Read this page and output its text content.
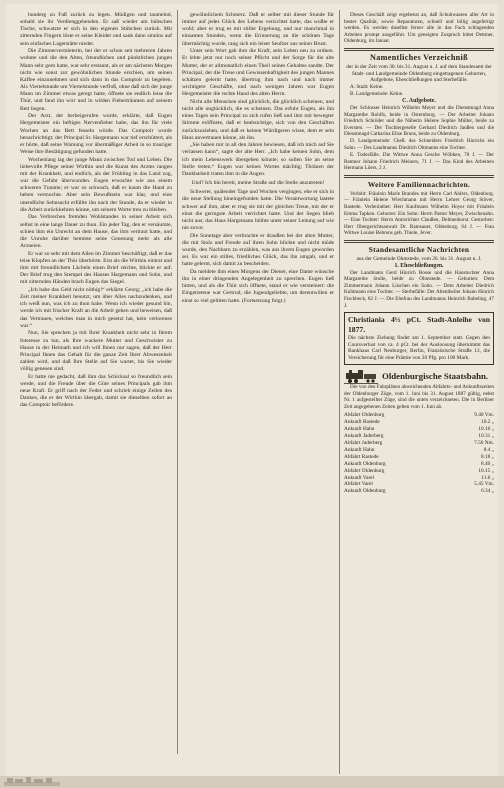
hunderg zu Fuß zurück zu legen. Müdigen und taumelnd, sobald sie ihr Verdlenggebenden. Er saß wieder am hübschen Tische, schwatzte er sich in den eigenen Stübchen zurück. Mit zitternden Fingern löste er seine Kleider und sank dann sinnlos auf sein einfaches Lagerstätte nieder.

Die Zimmervermieterin, bei der er schon seit mehreren Jahren wohnte und die den Alten, freundlichen und pünktlichen jungen Mann sehr gern hatte, war sehr erstaunt, als er am nächsten Morgen nicht wie sonst zur gewöhnlichen Stunde erschien, um seinen Kaffee einzunehmen und sich dann in das Comptoir zu begeben. Als Viertelstunde um Viertelstunde verfloß, ohne daß sich der junge Mann im Zimmer etwas geregt hatte, öffnete sie endlich leise die Thür, und fand ihn wirr und in wilden Fieberträumen auf seinem Bett liegen.

Der Arzt, der herbeigerufen wurde, erklärte, daß Eugen Hergemeister ein heftiges Nervenfieber habe, das ihn für viele Wochen an das Bett fesseln würde. Das Comptoir wurde benachrichtigt; der Principal Sr. Hargemann war tief erschüttert, als er hörte, daß seine Warnung vor übermäßiger Arbeit in so trauriger Weise ihre Bestätigung gefunden hatte.

Wochenlang lag der junge Mann zwischen Tod und Leben. Die liebevolle Pflege seiner Wirthin und die Kunst des Arztes rangen mit der Krankheit, und endlich, als der Frühling in das Land zog, war die Gefahr überwunden. Eugen erwachte wie aus einem schweren Traume; er war so schwach, daß er kaum die Hand zu heben vermochte. Aber sein Bewußtsein war klar, und eine unendliche Sehnsucht erfüllte ihn nach der Stunde, da er wieder in die Arbeit zurückkehren könne, um seinem Worte treu zu bleiben.

Das Verbrechen fremden Wohlstandes in seiner Arbeit sich selbst in eine lange Dauer zu thun. Ein jeder Tag, den er versäumte, schien ihm ein Unrecht an dem Hause, das ihm vertraut hatte, und die Unruhe darüber hemmte seine Genesung mehr als alle Arzneien.

Er war so sehr mit dem Allen im Zimmer beschäftigt, daß er das leise Klopfen an der Thür überhörte. Erst als die Wirthin eintrat und ihm mit freundlichem Lächeln einen Brief reichte, blickte er auf. Der Brief trug den Stempel des Hauses Hargemann und Sohn, und mit zitternden Händen brach Eugen das Siegel.

„Ich habe das Geld nicht nöthig!“ erklärte Georg; „ich habe die Zeit meiner Krankheit benutzt, um über Alles nachzudenken, und ich weiß nun, was ich zu thun habe. Wenn ich wieder gesund bin, werde ich mit frischer Kraft an die Arbeit gehen und beweisen, daß das Vertrauen, welches man in mich gesetzt hat, kein verlorenes war.“

Nun, Sie sprechen ja mit Ihrer Krankheit nicht sehr in Ihrem Interesse zu tun, als Ihre wackere Mutter und Geschwister zu Hause in der Heimath und ich will Ihnen nur sagen, daß der Herr Principal Ihnen das Gehalt für die ganze Zeit Ihrer Abwesenheit zahlen wird, und daß Ihre Stelle auf Sie wartet, bis Sie wieder völlig genesen sind.

Er hatte nie gedacht, daß ihm das Schicksal so freundlich sein werde, und die Freude über die Güte seines Principals gab ihm neue Kraft. Er griff nach der Feder und schrieb einige Zeilen des Dankes, die er der Wirthin übergab, damit sie dieselben sofort an das Comptoir befördere.

gewöhnlichem Schmerz. Daß er selber mit dieser Stunde für immer auf jedes Glück des Lebens verzichtet hatte, das wußte er wohl; aber er trug es mit stiller Ergebung, und nur manchmal in einsamen Stunden, wenn die Erinnerung an die schönen Tage übermächtig wurde, rang sich ein leiser Seufzer aus seiner Brust.

Unter sein Wort gab ihm die Kraft, sein Leben neu zu ordnen. Er lebte jetzt nur noch seiner Pflicht und der Sorge für die alte Mutter, der er allmonatlich einen Theil seines Gehaltes sandte. Der Principal, der die Treue und Gewissenhaftigkeit des jungen Mannes schätzen gelernt hatte, übertrug ihm nach und nach immer wichtigere Geschäfte, und nach wenigen Jahren war Eugen Hergemeister die rechte Hand des alten Herrn.

Nicht alle Menschen sind glücklich, die glücklich scheinen, und nicht alle unglücklich, die es scheinen. Das erfuhr Eugen, als ihn eines Tages sein Principal zu sich rufen ließ und ihm mit bewegter Stimme eröffnete, daß er beabsichtige, sich von den Geschäften zurückzuziehen, und daß er keinen Würdigeren wisse, dem er sein Haus anvertrauen könne, als ihn.

„Sie haben mir in all den Jahren bewiesen, daß ich mich auf Sie verlassen kann“, sagte der alte Herr. „Ich habe keinen Sohn, dem ich mein Lebenswerk übergeben könnte; so sollen Sie an seine Stelle treten.“ Eugen war keines Wortes mächtig; Thränen der Dankbarkeit traten ihm in die Augen.

Und? Ich bin bereit, meine Straße auf die Stelle anzutreten!

Schwerer, quälender Tage und Wochen vergingen, ehe er sich in die neue Stellung hineingefunden hatte. Die Verantwortung lastete schwer auf ihm, aber er trug sie mit der gleichen Treue, mit der er einst die geringste Arbeit verrichtet hatte. Und der Segen blieb nicht aus; das Haus Hargemann blühte unter seiner Leitung auf wie nie zuvor.

Die Sonntage aber verbrachte er draußen bei der alten Mutter, die mit Stolz und Freude auf ihren Sohn blickte und nicht müde wurde, den Nachbarn zu erzählen, was aus ihrem Eugen geworden sei. Es war ein stilles, friedliches Glück, das ihn umgab, und er hatte gelernt, sich damit zu bescheiden.

Da meldete ihm eines Morgens der Diener, eine Dame wünsche ihn in einer dringenden Angelegenheit zu sprechen. Eugen ließ bitten, und als die Thür sich öffnete, stand er wie versteinert: die Eingetretene war Gertrud, die Jugendgeliebte, um derentwillen er einst so viel gelitten hatte. (Fortsetzung folgt.)

Dieses Geschäft zeigt ergebenst an, daß Schuhwaaren aller Art in bester Qualität, sowie Reparaturen, schnell und billig angefertigt werden. Es werden daselbst ferner alle in das Fach schlagenden Arbeiten prompt ausgeführt. Um geneigten Zuspruch bittet Dettmer, Oldenburg, im Januar.

Namentliches Verzeichniß
der in der Zeit vom 30. bis 31. August u. J. auf dem Standesamt der Stadt- und Landgemeinde Oldenburg eingetragenen Geburten, Aufgebote, Eheschließungen und Sterbefälle.

A. Stadt: Keine.

B. Landgemeinde: Keine.

C. Aufgebote.

Der Schlosser Heinrich Wilhelm Meyer und die Dienstmagd Anna Margarethe Rohlfs, beide in Osternburg. — Der Arbeiter Johann Friedrich Schröder und die Näherin Helene Sophie Müller, beide zu Eversten. — Der Tischlergeselle Gerhard Diedrich Janßen und die Dienstmagd Catharina Elise Bruns, beide zu Oldenburg.

D. Landgemeinde: Cheß. des Schneiders Friedrich Hinrichs ein Sohn. — Des Landmanns Diedrich Oltmanns eine Tochter.

E. Todesfälle. Die Wittwe Anna Gesche Wöbken, 78 J. — Der Rentner Johann Friedrich Meiners, 71 J. — Das Kind des Arbeiters Hermann Lüers, 2 J.

Weitere Familiennachrichten.

Verlobt: Fräulein Marie Brandes mit Herrn Carl Ahlers, Oldenburg. — Fräulein Helene Wiechmann mit Herrn Lehrer Georg Stöver, Rastede. Verheirathet: Herr Kaufmann Wilhelm Hoyer mit Fräulein Emma Tapken. Geboren: Ein Sohn: Herrn Pastor Meyer, Zwischenahn. — Eine Tochter: Herrn Amtsrichter Claußen, Delmenhorst. Gestorben: Herr Obergerichtsanwalt Dr. Ramsauer, Oldenburg, 64 J. — Frau Wittwe Louise Behrens geb. Thiele, Jever.

Standesamtliche Nachrichten
aus der Gemeinde Ohmstede, vom 26. bis 31. August n. J.
1. Eheschließungen.

Der Landmann Gerd Hinrich Bosse und die Haustochter Anna Margarethe Stolle, beide zu Ohmstede. — Geburten: Dem Zimmermann Johann Lüschen ein Sohn. — Dem Arbeiter Diedrich Kuhlmann eine Tochter. — Sterbefälle: Der Altentheiler Johann Hinrich Fischbeck, 82 J. — Die Ehefrau des Landmanns Heinrich Rabeling, 47 J.

Christiania 4½ pCt. Stadt-Anleihe von 1877.
Die nächste Ziehung findet am 1. September statt. Gegen den Coursverlust von ca. 4 pCt. bei der Ausloosung übernimmt das Bankhaus Carl Neuburger, Berlin, Französische Straße 13, die Versicherung für eine Prämie von 20 Pfg. pro 100 Mark.
Oldenburgische Staatsbahn.

Die von den Fahrplänen abweichenden Abfahrts- und Ankunftszeiten der Oldenburger Züge, vom 1. Juni bis 31. August 1887 gültig, nebst Nr. 1 aufgestellter Züge, sind die unten verzeichneten. Die in Berliner Zeit angegebenen Zeiten gelten vom 1. Juni ab.

Abfahrt Oldenburg	9.40 Vm.
Ankunft Rastede	10.2 „
Ankunft Hahn	10.16 „
Ankunft Jaderberg	10.31 „
Abfahrt Jaderberg	7.50 Nm.
Ankunft Hahn	8.4 „
Abfahrt Rastede	8.18 „
Ankunft Oldenburg	8.40 „
Abfahrt Oldenburg	10.15 „
Ankunft Varel	11.6 „
Abfahrt Varel	5.45 Vm.
Ankunft Oldenburg	6.34 „
